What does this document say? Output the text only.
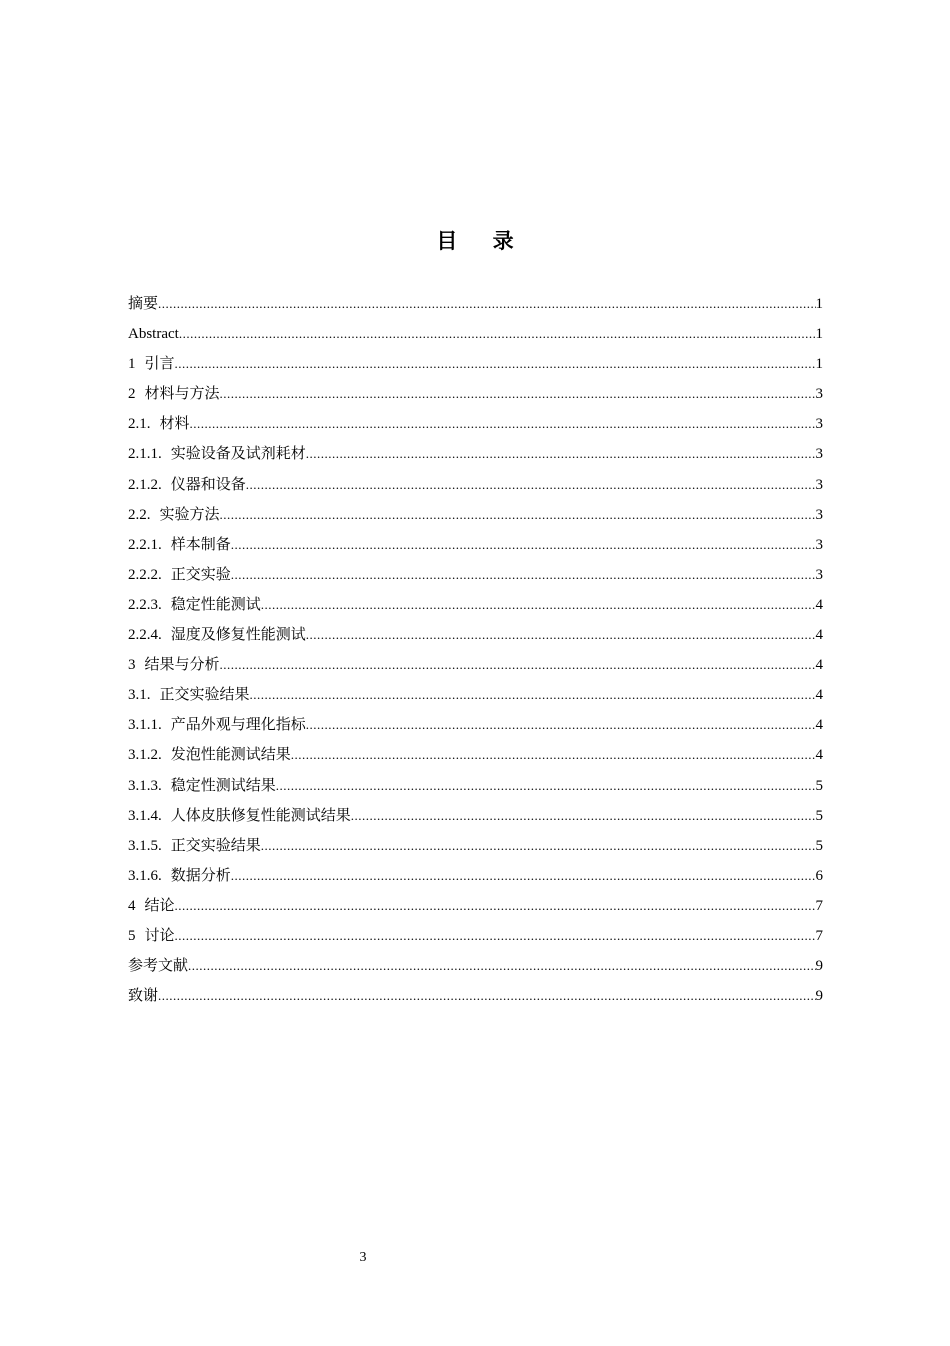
目 录
摘要 .....	1
Abstract .....	1
1 引言 .....	1
2 材料与方法 .....	3
2.1. 材料 .....	3
2.1.1. 实验设备及试剂耗材 .....	3
2.1.2. 仪器和设备 .....	3
2.2. 实验方法 .....	3
2.2.1. 样本制备 .....	3
2.2.2. 正交实验 .....	3
2.2.3. 稳定性能测试 .....	4
2.2.4. 湿度及修复性能测试 .....	4
3 结果与分析 .....	4
3.1. 正交实验结果 .....	4
3.1.1. 产品外观与理化指标 .....	4
3.1.2. 发泡性能测试结果 .....	4
3.1.3. 稳定性测试结果 .....	5
3.1.4. 人体皮肤修复性能测试结果 .....	5
3.1.5. 正交实验结果 .....	5
3.1.6. 数据分析 .....	6
4 结论 .....	7
5 讨论 .....	7
参考文献 .....	9
致谢 .....	9
3
